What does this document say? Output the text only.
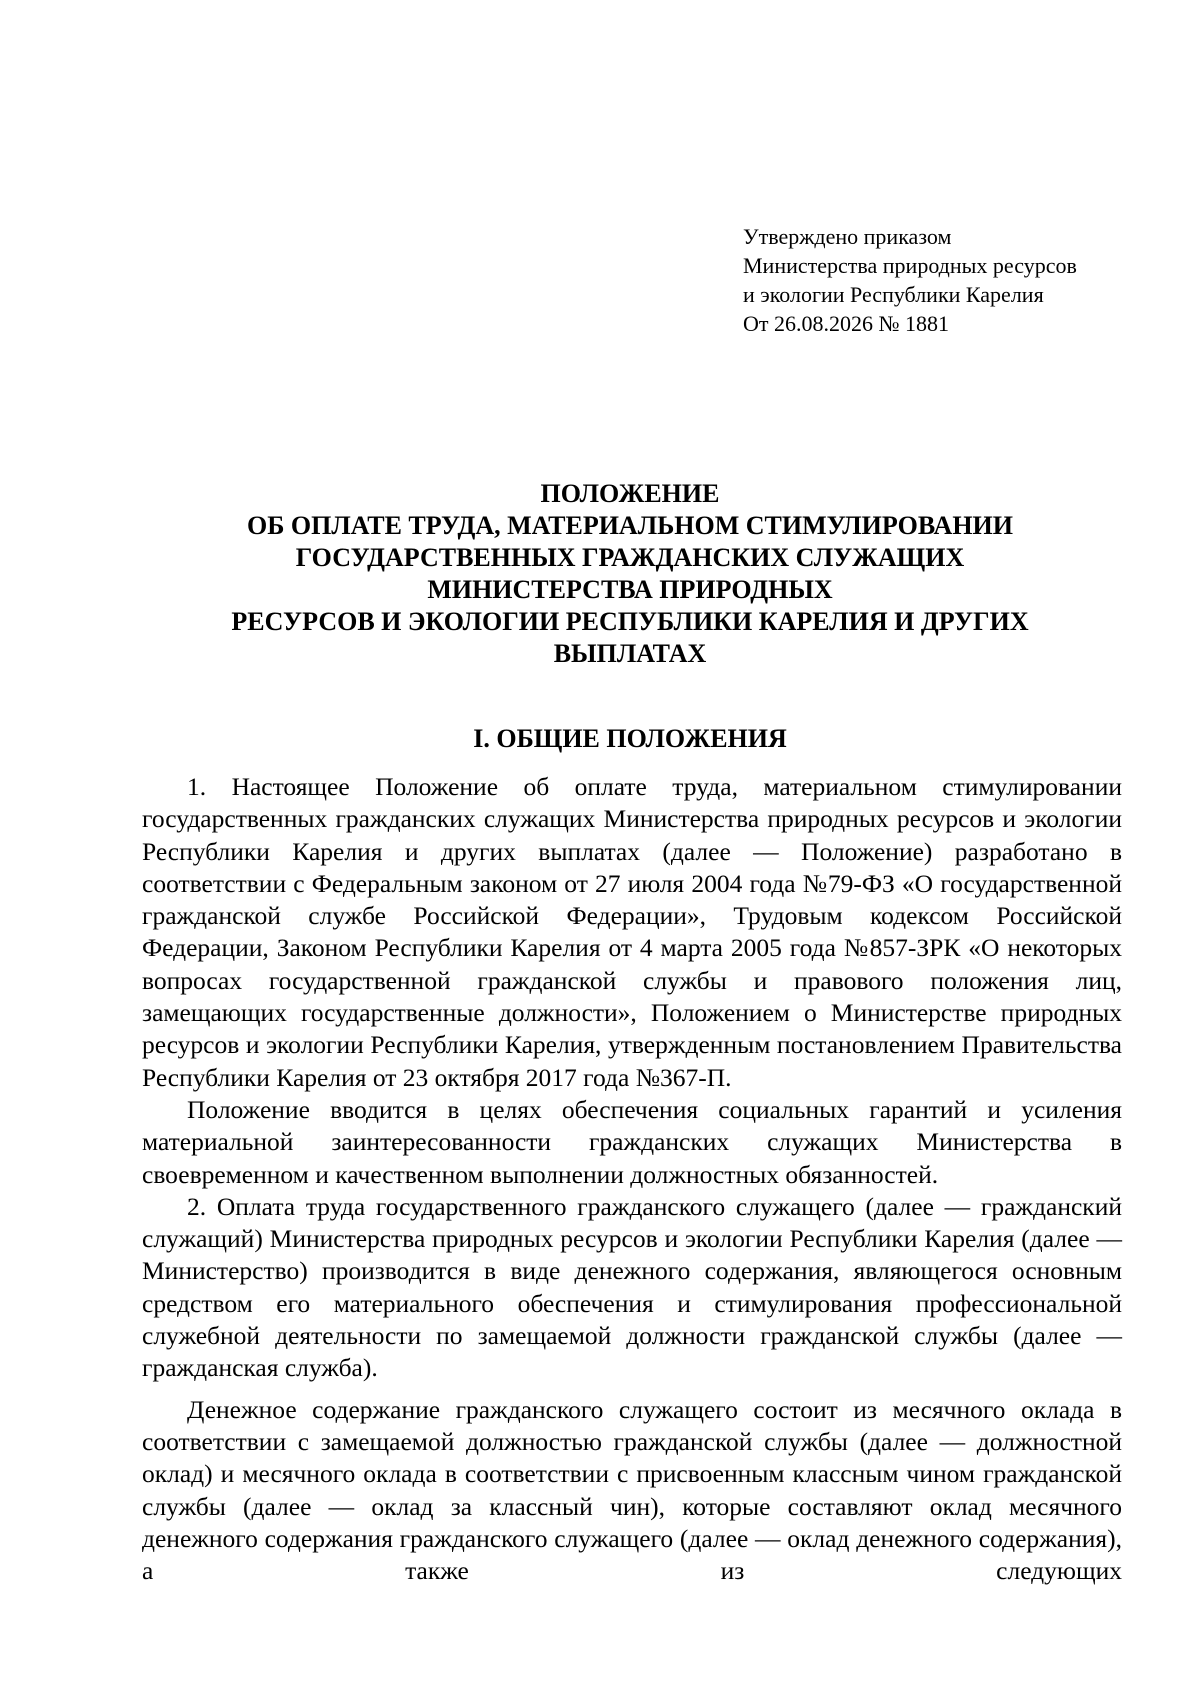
Утверждено приказом
Министерства природных ресурсов
и экологии Республики Карелия
От 26.08.2026 № 1881
ПОЛОЖЕНИЕ
ОБ ОПЛАТЕ ТРУДА, МАТЕРИАЛЬНОМ СТИМУЛИРОВАНИИ
ГОСУДАРСТВЕННЫХ ГРАЖДАНСКИХ СЛУЖАЩИХ
МИНИСТЕРСТВА ПРИРОДНЫХ
РЕСУРСОВ И ЭКОЛОГИИ РЕСПУБЛИКИ КАРЕЛИЯ И ДРУГИХ
ВЫПЛАТАХ
I. ОБЩИЕ ПОЛОЖЕНИЯ

1. Настоящее Положение об оплате труда, материальном стимулировании государственных гражданских служащих Министерства природных ресурсов и экологии Республики Карелия и других выплатах (далее — Положение) разработано в соответствии с Федеральным законом от 27 июля 2004 года №79-ФЗ «О государственной гражданской службе Российской Федерации», Трудовым кодексом Российской Федерации, Законом Республики Карелия от 4 марта 2005 года №857-ЗРК «О некоторых вопросах государственной гражданской службы и правового положения лиц, замещающих государственные должности», Положением о Министерстве природных ресурсов и экологии Республики Карелия, утвержденным постановлением Правительства Республики Карелия от 23 октября 2017 года №367-П.

Положение вводится в целях обеспечения социальных гарантий и усиления материальной заинтересованности гражданских служащих Министерства в своевременном и качественном выполнении должностных обязанностей.

2. Оплата труда государственного гражданского служащего (далее — гражданский служащий) Министерства природных ресурсов и экологии Республики Карелия (далее — Министерство) производится в виде денежного содержания, являющегося основным средством его материального обеспечения и стимулирования профессиональной служебной деятельности по замещаемой должности гражданской службы (далее — гражданская служба).

Денежное содержание гражданского служащего состоит из месячного оклада в соответствии с замещаемой должностью гражданской службы (далее — должностной оклад) и месячного оклада в соответствии с присвоенным классным чином гражданской службы (далее — оклад за классный чин), которые составляют оклад месячного денежного содержания гражданского служащего (далее — оклад денежного содержания), а также из следующих
